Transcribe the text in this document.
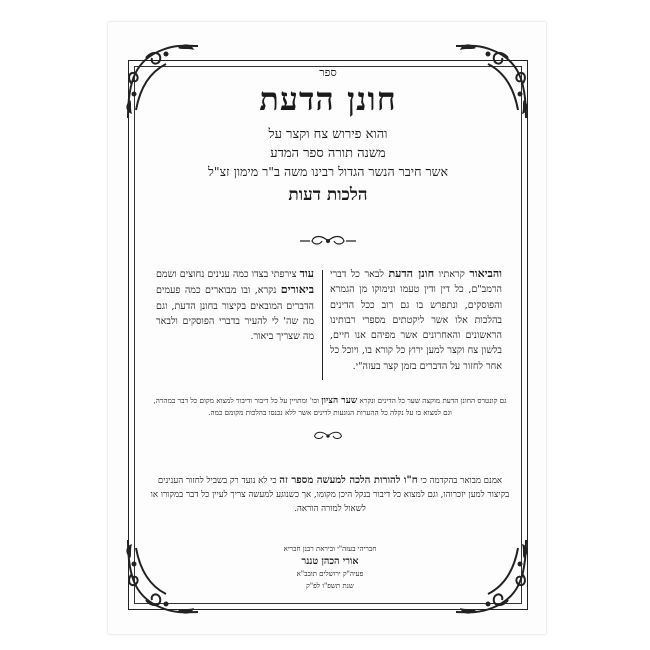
ספר
חונן הדעת
והוא פירוש צח וקצר על
משנה תורה ספר המדע
אשר חיבר הנשר הגדול רבינו משה ב"ר מימון זצ"ל
הלכות דעות
והביאור קראתיו חונן הדעת לבאר כל דברי הרמב"ם, כל דין ודין טעמו ונימוקו מן הגמרא והפוסקים, ונתפרש בו גם רוב ככל הדינים בהלכות אלו אשר ליקטתים מספרי רבותינו הראשונים והאחרונים אשר מפיהם אנו חיים, בלשון צח וקצר למען ירוץ כל קורא בו, ויוכל כל אחר לחזור על הדברים בזמן קצר בעזה"י.
עוד צירפתי בצדו כמה ענינים נחוצים ושמם ביאורים נקרא, ובו מבוארים כמה פעמים הדברים המובאים בקיצור בחונן הדעת, וגם מה שה' לי להעיר בדברי הפוסקים ולבאר מה שצריך ביאור.
גם קונטרס החונן הדעת מוקצה שער כל הדינים ונקרא שער הציון וכו' ומתויין על כל דיבור ודיבור למצוא מקום כל דבר במהרה, וגם למצוא בו על נקלה כל ההערות הנוגעות לדינים אשר ללא נכנסו בהלכות מקומם כמה.
אמנם מבואר בהקדמה כי ח"ו להורות הלכה למעשה מספר זה כי לא נועד רק בשביל לחזור הענינים בקיצור למען יזכרוהו, וגם למצוא כל דיבור בנקל היכן מקומו, אך כשנוגע למעשה צריך לעיין כל דבר במקורו או לשאול למורה הוראה.
חבריהי בעזה"י וביראת רבנן חבריא
אורי הכהן טננר
פעיה"ק ירושלים תובב"א
שנת תשפ"ו לפ"ק
